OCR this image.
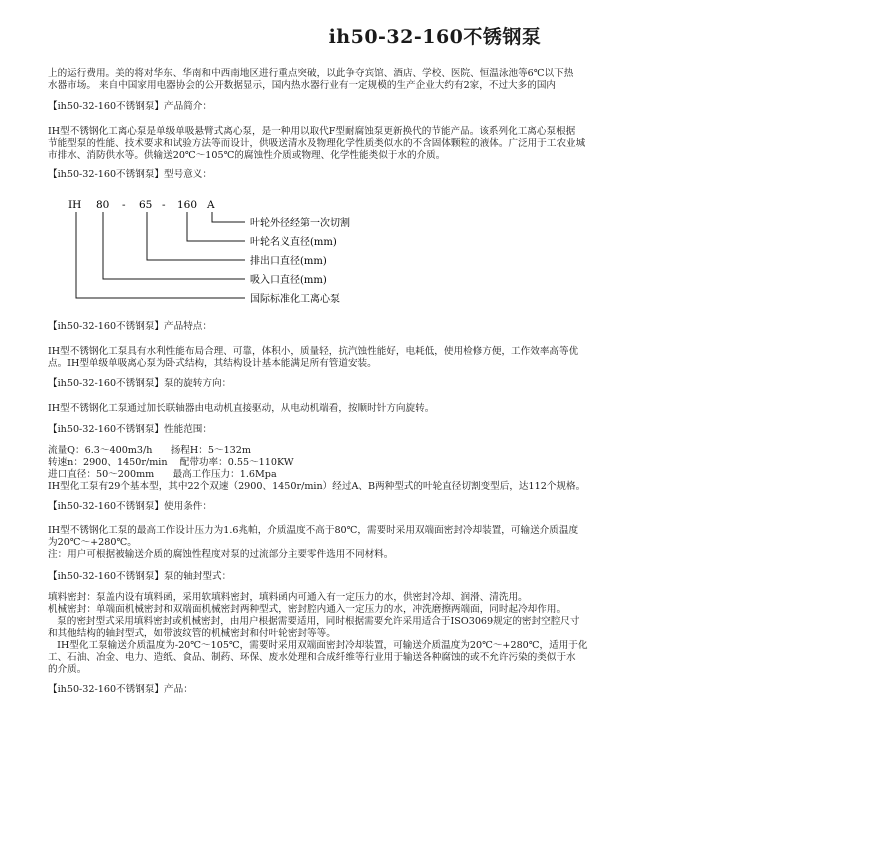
ih50-32-160不锈钢泵
上的运行费用。美的将对华东、华南和中西南地区进行重点突破，以此争夺宾馆、酒店、学校、医院、恒温泳池等6℃以下热
水器市场。 来自中国家用电器协会的公开数据显示，国内热水器行业有一定规模的生产企业大约有2家，不过大多的国内
【ih50-32-160不锈钢泵】产品简介：
IH型不锈钢化工离心泵是单级单吸悬臂式离心泵，是一种用以取代F型耐腐蚀泵更新换代的节能产品。该系列化工离心泵根据
节能型泵的性能、技术要求和试验方法等而设计，供吸送清水及物理化学性质类似水的不含固体颗粒的液体。广泛用于工农业城
市排水、消防供水等。供输送20℃～105℃的腐蚀性介质或物理、化学性能类似于水的介质。
【ih50-32-160不锈钢泵】型号意义：
IH 80 - 65 - 160 A
叶轮外径经第一次切割
叶轮名义直径(mm)
排出口直径(mm)
吸入口直径(mm)
国际标准化工离心泵
【ih50-32-160不锈钢泵】产品特点：
IH型不锈钢化工泵具有水利性能布局合理、可靠，体积小，质量轻，抗汽蚀性能好，电耗低，使用检修方便，工作效率高等优
点。IH型单级单吸离心泵为卧式结构，其结构设计基本能满足所有管道安装。
【ih50-32-160不锈钢泵】泵的旋转方向：
IH型不锈钢化工泵通过加长联轴器由电动机直接驱动，从电动机端看，按顺时针方向旋转。
【ih50-32-160不锈钢泵】性能范围：
流量Q：6.3～400m3/h      扬程H：5～132m
转速n：2900、1450r/min    配带功率：0.55～110KW
进口直径：50～200mm      最高工作压力：1.6Mpa
IH型化工泵有29个基本型，其中22个双速（2900、1450r/min）经过A、B两种型式的叶轮直径切割变型后，达112个规格。
【ih50-32-160不锈钢泵】使用条件：
IH型不锈钢化工泵的最高工作设计压力为1.6兆帕，介质温度不高于80℃，需要时采用双端面密封冷却装置，可输送介质温度
为20℃～+280℃。
注：用户可根据被输送介质的腐蚀性程度对泵的过流部分主要零件选用不同材料。
【ih50-32-160不锈钢泵】泵的轴封型式：
填料密封：泵盖内设有填料函，采用软填料密封，填料函内可通入有一定压力的水，供密封冷却、润滑、清洗用。
机械密封：单端面机械密封和双端面机械密封两种型式，密封腔内通入一定压力的水，冲洗磨擦两端面，同时起冷却作用。
泵的密封型式采用填料密封或机械密封，由用户根据需要适用，同时根据需要允许采用适合于ISO3069规定的密封空腔尺寸
和其他结构的轴封型式，如带波纹管的机械密封和付叶轮密封等等。
IH型化工泵输送介质温度为-20℃～105℃，需要时采用双端面密封冷却装置，可输送介质温度为20℃～+280℃，适用于化
工、石油、冶金、电力、造纸、食品、制药、环保、废水处理和合成纤维等行业用于输送各种腐蚀的或不允许污染的类似于水
的介质。
【ih50-32-160不锈钢泵】产品：
